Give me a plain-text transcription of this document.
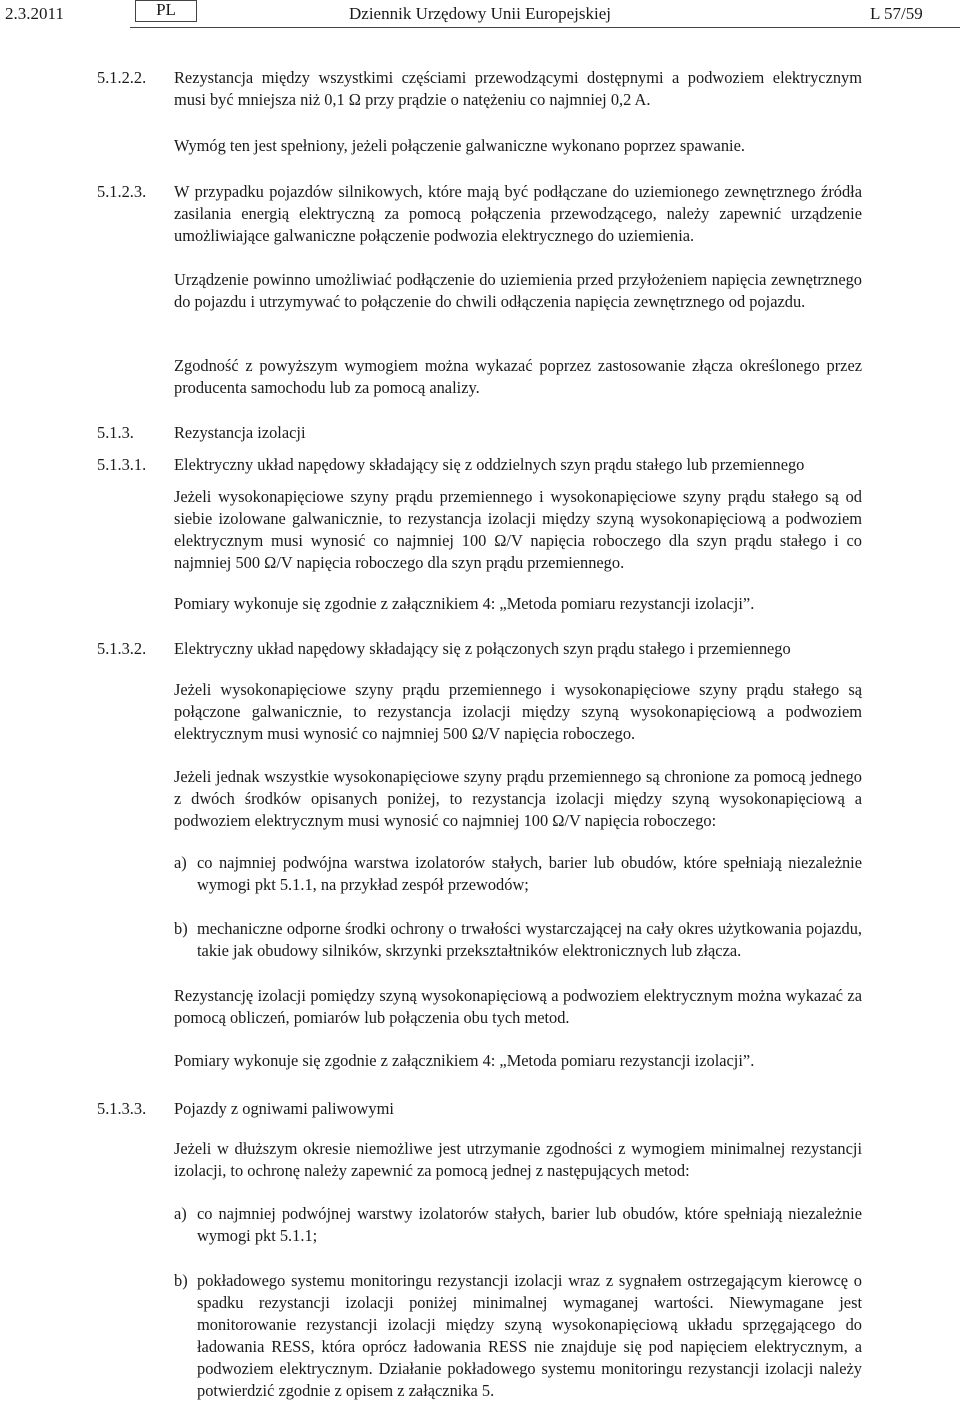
2.3.2011	PL	Dziennik Urzędowy Unii Europejskiej	L 57/59
5.1.2.2. Rezystancja między wszystkimi częściami przewodzącymi dostępnymi a podwoziem elektrycznym musi być mniejsza niż 0,1 Ω przy prądzie o natężeniu co najmniej 0,2 A.
Wymóg ten jest spełniony, jeżeli połączenie galwaniczne wykonano poprzez spawanie.
5.1.2.3. W przypadku pojazdów silnikowych, które mają być podłączane do uziemionego zewnętrznego źródła zasilania energią elektryczną za pomocą połączenia przewodzącego, należy zapewnić urządzenie umożliwiające galwaniczne połączenie podwozia elektrycznego do uziemienia.
Urządzenie powinno umożliwiać podłączenie do uziemienia przed przyłożeniem napięcia zewnętrznego do pojazdu i utrzymywać to połączenie do chwili odłączenia napięcia zewnętrznego od pojazdu.
Zgodność z powyższym wymogiem można wykazać poprzez zastosowanie złącza określonego przez producenta samochodu lub za pomocą analizy.
5.1.3. Rezystancja izolacji
5.1.3.1. Elektryczny układ napędowy składający się z oddzielnych szyn prądu stałego lub przemiennego
Jeżeli wysokonapięciowe szyny prądu przemiennego i wysokonapięciowe szyny prądu stałego są od siebie izolowane galwanicznie, to rezystancja izolacji między szyną wysokonapięciową a podwoziem elektrycznym musi wynosić co najmniej 100 Ω/V napięcia roboczego dla szyn prądu stałego i co najmniej 500 Ω/V napięcia roboczego dla szyn prądu przemiennego.
Pomiary wykonuje się zgodnie z załącznikiem 4: „Metoda pomiaru rezystancji izolacji”.
5.1.3.2. Elektryczny układ napędowy składający się z połączonych szyn prądu stałego i przemiennego
Jeżeli wysokonapięciowe szyny prądu przemiennego i wysokonapięciowe szyny prądu stałego są połączone galwanicznie, to rezystancja izolacji między szyną wysokonapięciową a podwoziem elektrycznym musi wynosić co najmniej 500 Ω/V napięcia roboczego.
Jeżeli jednak wszystkie wysokonapięciowe szyny prądu przemiennego są chronione za pomocą jednego z dwóch środków opisanych poniżej, to rezystancja izolacji między szyną wysokonapięciową a podwoziem elektrycznym musi wynosić co najmniej 100 Ω/V napięcia roboczego:
a) co najmniej podwójna warstwa izolatorów stałych, barier lub obudów, które spełniają niezależnie wymogi pkt 5.1.1, na przykład zespół przewodów;
b) mechaniczne odporne środki ochrony o trwałości wystarczającej na cały okres użytkowania pojazdu, takie jak obudowy silników, skrzynki przekształtników elektronicznych lub złącza.
Rezystancję izolacji pomiędzy szyną wysokonapięciową a podwoziem elektrycznym można wykazać za pomocą obliczeń, pomiarów lub połączenia obu tych metod.
Pomiary wykonuje się zgodnie z załącznikiem 4: „Metoda pomiaru rezystancji izolacji”.
5.1.3.3. Pojazdy z ogniwami paliwowymi
Jeżeli w dłuższym okresie niemożliwe jest utrzymanie zgodności z wymogiem minimalnej rezystancji izolacji, to ochronę należy zapewnić za pomocą jednej z następujących metod:
a) co najmniej podwójnej warstwy izolatorów stałych, barier lub obudów, które spełniają niezależnie wymogi pkt 5.1.1;
b) pokładowego systemu monitoringu rezystancji izolacji wraz z sygnałem ostrzegającym kierowcę o spadku rezystancji izolacji poniżej minimalnej wymaganej wartości. Niewymagane jest monitorowanie rezystancji izolacji między szyną wysokonapięciową układu sprzęgającego do ładowania RESS, która oprócz ładowania RESS nie znajduje się pod napięciem elektrycznym, a podwoziem elektrycznym. Działanie pokładowego systemu monitoringu rezystancji izolacji należy potwierdzić zgodnie z opisem z załącznika 5.
